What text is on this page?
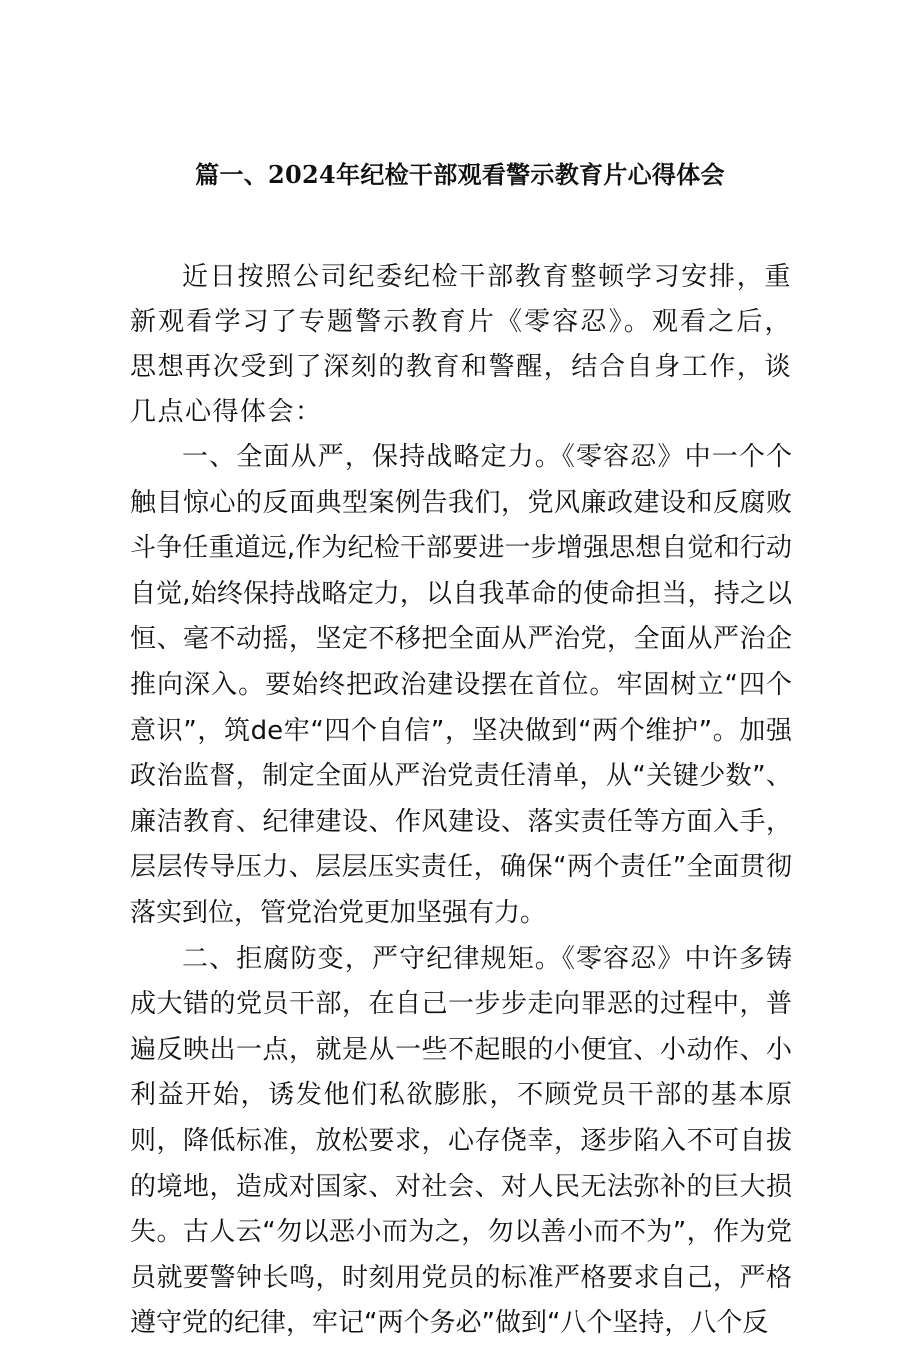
篇一、2024年纪检干部观看警示教育片心得体会

近日按照公司纪委纪检干部教育整顿学习安排，重新观看学习了专题警示教育片《零容忍》。观看之后，思想再次受到了深刻的教育和警醒，结合自身工作，谈几点心得体会：

一、全面从严，保持战略定力。《零容忍》中一个个触目惊心的反面典型案例告我们，党风廉政建设和反腐败斗争任重道远,作为纪检干部要进一步增强思想自觉和行动自觉,始终保持战略定力，以自我革命的使命担当，持之以恒、毫不动摇，坚定不移把全面从严治党，全面从严治企推向深入。要始终把政治建设摆在首位。牢固树立“四个意识”，筑de牢“四个自信”，坚决做到“两个维护”。加强政治监督，制定全面从严治党责任清单，从“关键少数”、廉洁教育、纪律建设、作风建设、落实责任等方面入手，层层传导压力、层层压实责任，确保“两个责任”全面贯彻落实到位，管党治党更加坚强有力。

二、拒腐防变，严守纪律规矩。《零容忍》中许多铸成大错的党员干部，在自己一步步走向罪恶的过程中，普遍反映出一点，就是从一些不起眼的小便宜、小动作、小利益开始，诱发他们私欲膨胀，不顾党员干部的基本原则，降低标准，放松要求，心存侥幸，逐步陷入不可自拔的境地，造成对国家、对社会、对人民无法弥补的巨大损失。古人云“勿以恶小而为之，勿以善小而不为”，作为党员就要警钟长鸣，时刻用党员的标准严格要求自己，严格遵守党的纪律，牢记“两个务必”做到“八个坚持，八个反
